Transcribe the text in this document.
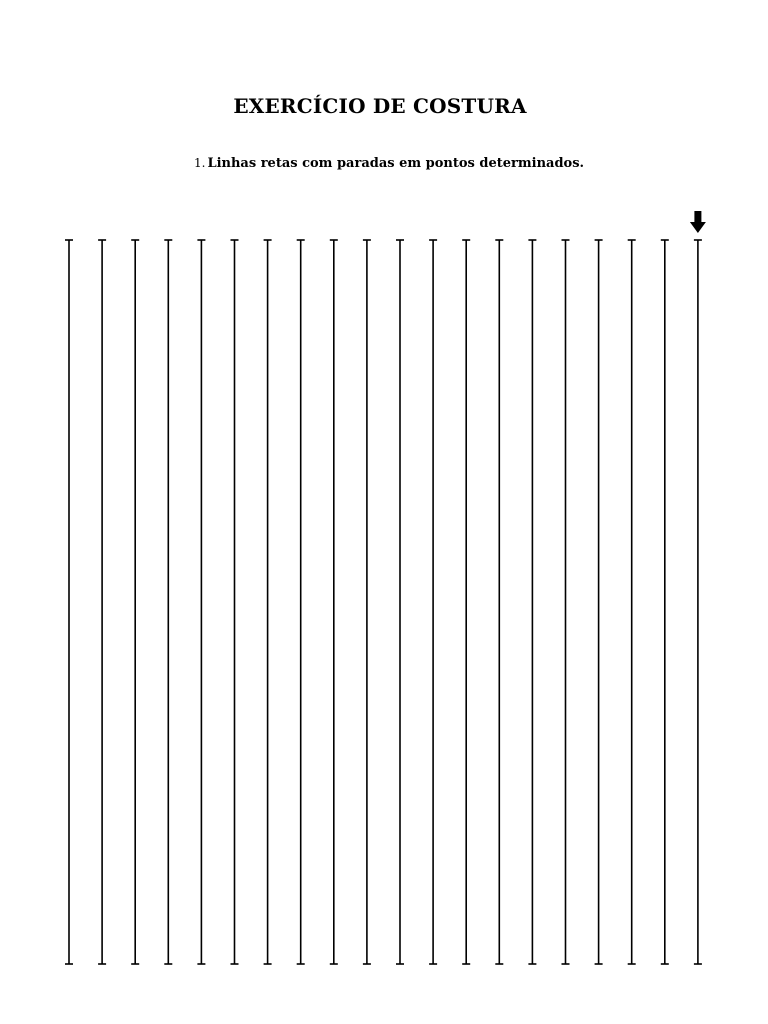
EXERCÍCIO DE COSTURA
1. Linhas retas com paradas em pontos determinados.
